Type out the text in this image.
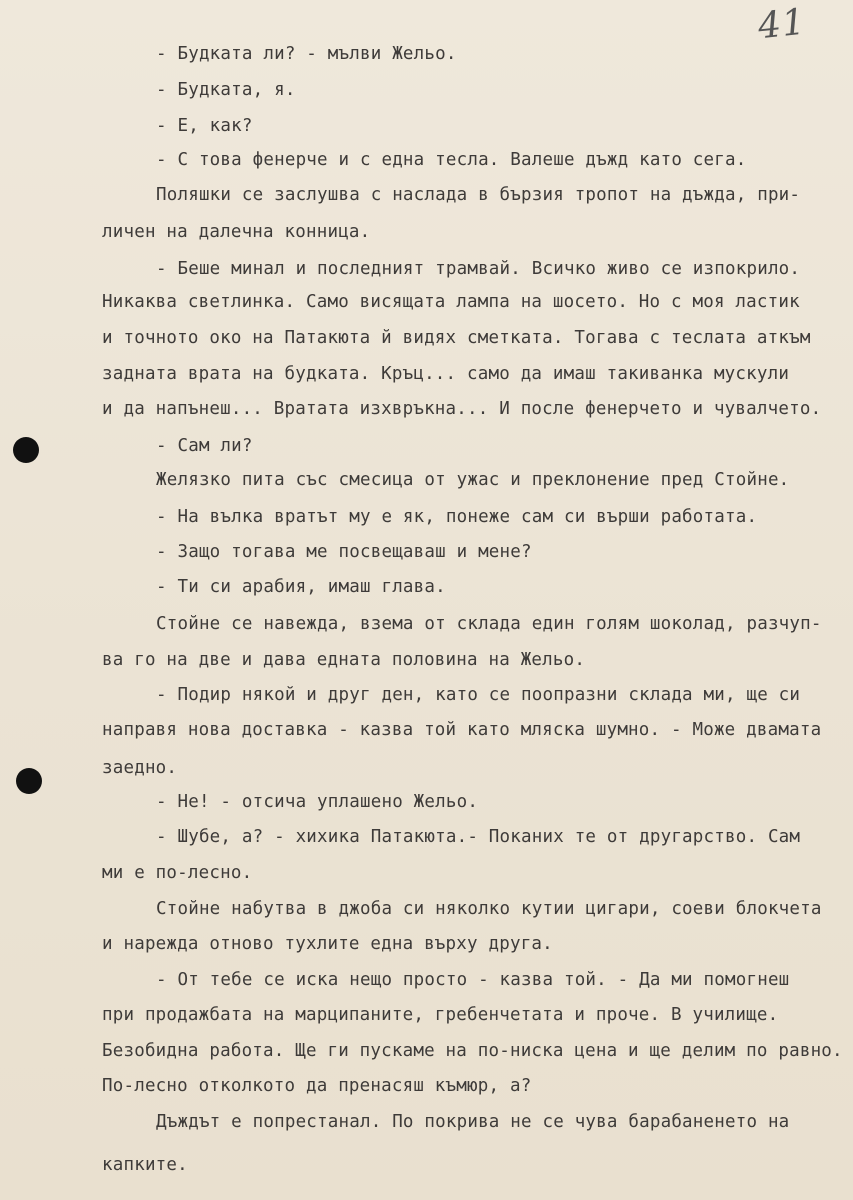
41

- Будката ли? - мълви Жельо.

- Будката, я.

- Е, как?

- С това фенерче и с една тесла. Валеше дъжд като сега.

Поляшки се заслушва с наслада в бързия тропот на дъжда, при-

личен на далечна конница.

- Беше минал и последният трамвай. Всичко живо се изпокрило.

Никаква светлинка. Само висящата лампа на шосето. Но с моя ластик

и точното око на Патакюта й видях сметката. Тогава с теслата аткъм

задната врата на будката. Кръц... само да имаш такиванка мускули

и да напънеш... Вратата изхвръкна... И после фенерчето и чувалчето.

- Сам ли?

Желязко пита със смесица от ужас и преклонение пред Стойне.

- На вълка вратът му е як, понеже сам си върши работата.

- Защо тогава ме посвещаваш и мене?

- Ти си арабия, имаш глава.

Стойне се навежда, взема от склада един голям шоколад, разчуп-

ва го на две и дава едната половина на Жельо.

- Подир някой и друг ден, като се поопразни склада ми, ще си

направя нова доставка - казва той като мляска шумно. - Може двамата

заедно.

- Не! - отсича уплашено Жельо.

- Шубе, а? - хихика Патакюта.- Поканих те от другарство. Сам

ми е по-лесно.

Стойне набутва в джоба си няколко кутии цигари, соеви блокчета

и нарежда отново тухлите една върху друга.

- От тебе се иска нещо просто - казва той. - Да ми помогнеш

при продажбата на марципаните, гребенчетата и проче. В училище.

Безобидна работа. Ще ги пускаме на по-ниска цена и ще делим по равно.

По-лесно отколкото да пренасяш къмюр, а?

Дъждът е попрестанал. По покрива не се чува барабаненето на

капките.
